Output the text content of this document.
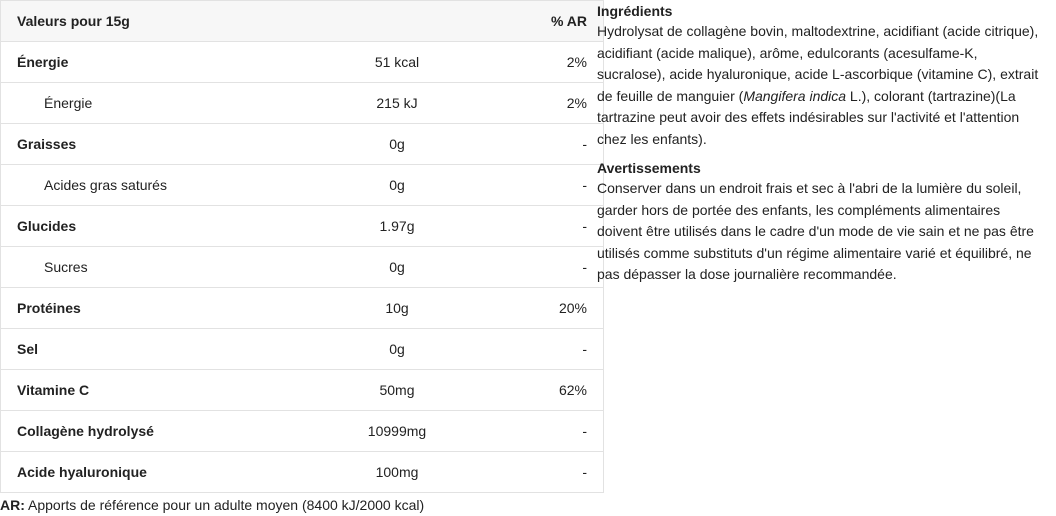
Valeurs pour 15g		% AR
Énergie	51 kcal	2%
Énergie	215 kJ	2%
Graisses	0g	-
Acides gras saturés	0g	-
Glucides	1.97g	-
Sucres	0g	-
Protéines	10g	20%
Sel	0g	-
Vitamine C	50mg	62%
Collagène hydrolysé	10999mg	-
Acide hyaluronique	100mg	-
AR: Apports de référence pour un adulte moyen (8400 kJ/2000 kcal)
Ingrédients

Hydrolysat de collagène bovin, maltodextrine, acidifiant (acide citrique), acidifiant (acide malique), arôme, edulcorants (acesulfame-K, sucralose), acide hyaluronique, acide L-ascorbique (vitamine C), extrait de feuille de manguier (Mangifera indica L.), colorant (tartrazine)(La tartrazine peut avoir des effets indésirables sur l'activité et l'attention chez les enfants).

Avertissements

Conserver dans un endroit frais et sec à l'abri de la lumière du soleil, garder hors de portée des enfants, les compléments alimentaires doivent être utilisés dans le cadre d'un mode de vie sain et ne pas être utilisés comme substituts d'un régime alimentaire varié et équilibré, ne pas dépasser la dose journalière recommandée.
